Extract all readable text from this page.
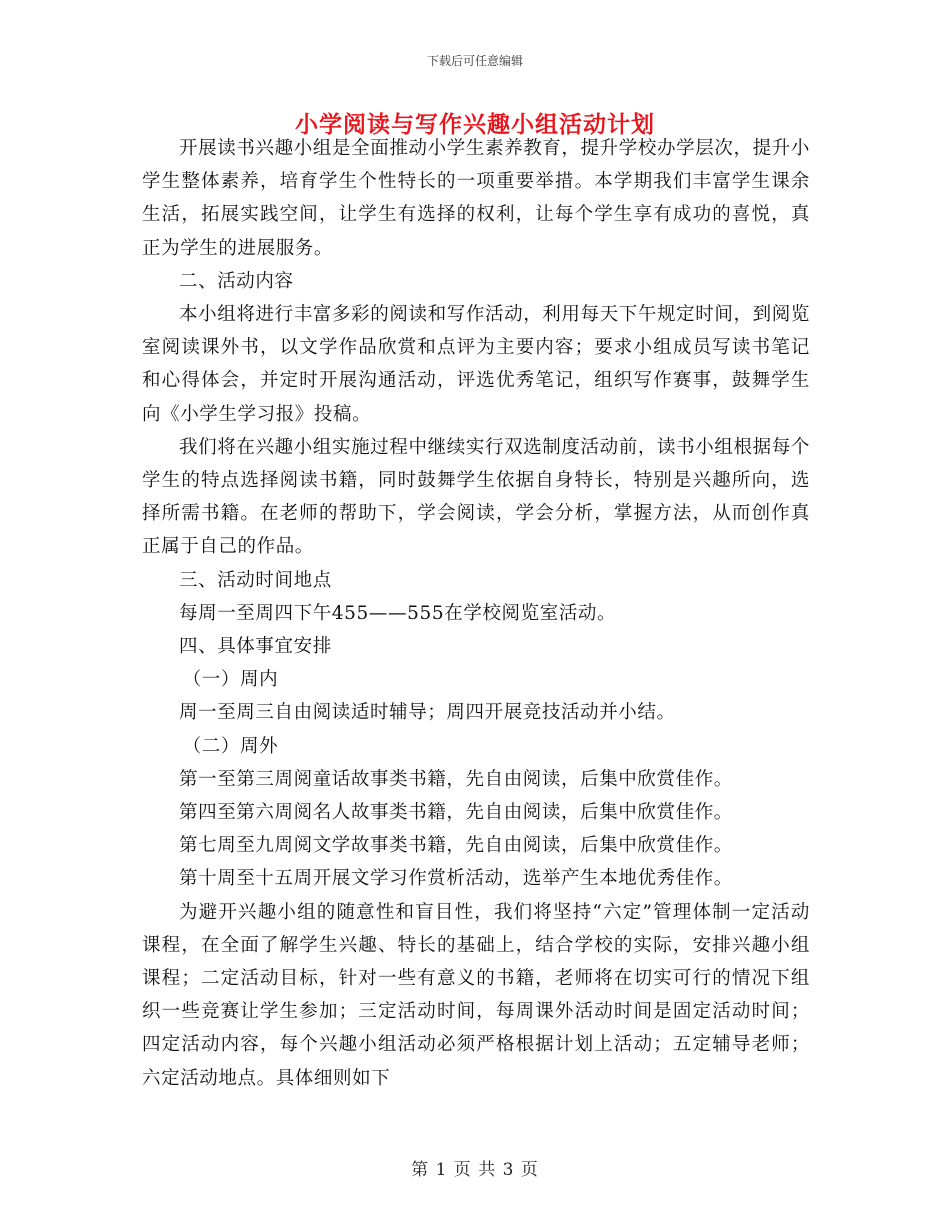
下载后可任意编辑
小学阅读与写作兴趣小组活动计划

开展读书兴趣小组是全面推动小学生素养教育，提升学校办学层次，提升小学生整体素养，培育学生个性特长的一项重要举措。本学期我们丰富学生课余生活，拓展实践空间，让学生有选择的权利，让每个学生享有成功的喜悦，真正为学生的进展服务。

二、活动内容

本小组将进行丰富多彩的阅读和写作活动，利用每天下午规定时间，到阅览室阅读课外书，以文学作品欣赏和点评为主要内容；要求小组成员写读书笔记和心得体会，并定时开展沟通活动，评选优秀笔记，组织写作赛事，鼓舞学生向《小学生学习报》投稿。

我们将在兴趣小组实施过程中继续实行双选制度活动前，读书小组根据每个学生的特点选择阅读书籍，同时鼓舞学生依据自身特长，特别是兴趣所向，选择所需书籍。在老师的帮助下，学会阅读，学会分析，掌握方法，从而创作真正属于自己的作品。

三、活动时间地点

每周一至周四下午455——555在学校阅览室活动。

四、具体事宜安排

（一）周内

周一至周三自由阅读适时辅导；周四开展竞技活动并小结。

（二）周外

第一至第三周阅童话故事类书籍，先自由阅读，后集中欣赏佳作。

第四至第六周阅名人故事类书籍，先自由阅读，后集中欣赏佳作。

第七周至九周阅文学故事类书籍，先自由阅读，后集中欣赏佳作。

第十周至十五周开展文学习作赏析活动，选举产生本地优秀佳作。

为避开兴趣小组的随意性和盲目性，我们将坚持“六定”管理体制一定活动课程，在全面了解学生兴趣、特长的基础上，结合学校的实际，安排兴趣小组课程；二定活动目标，针对一些有意义的书籍，老师将在切实可行的情况下组织一些竞赛让学生参加；三定活动时间，每周课外活动时间是固定活动时间；四定活动内容，每个兴趣小组活动必须严格根据计划上活动；五定辅导老师；六定活动地点。具体细则如下

第 1 页 共 3 页
